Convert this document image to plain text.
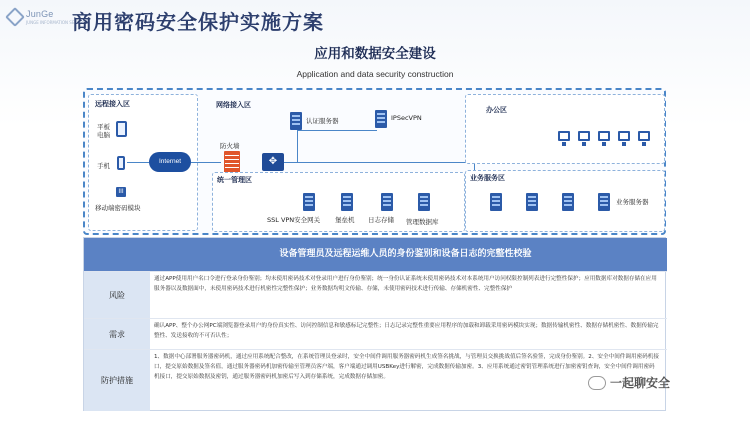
JunGe
JUNGE INFORMATION SECURITY
商用密码安全保护实施方案
应用和数据安全建设
Application and data security construction
远程接入区
平板
电脑
手机
III
移动端密码模块
Internet
网络接入区
认证服务器	IPSecVPN
防火墙
✥
办公区
统一管理区
SSL VPN安全网关 堡垒机 日志存储 管理数据库
业务服务区
业务服务器
设备管理员及远程运维人员的身份鉴别和设备日志的完整性校验
风险
通过APP使用用户名口令进行登录身份鉴别；均未使用密码技术对登录用户进行身份鉴别；统一身份认证系统未使用密码技术对本系统用户访问权限控制列表进行完整性保护；应用数据库对数据存储在应用服务器以及数据面中，未使用密码技术进行机密性完整性保护；业务数据均明文传输、存储，未使用密码技术进行传输、存储机密性、完整性保护
需求
确认APP、整个办公网PC端浏览器登录用户的身份真实性、访问控制信息和敏感标记完整性；日志记录完整性重要应用程序的加载和卸载采用密码模块实现；数据传输机密性、数据存储机密性、数据传输完整性、发送接收的不可否认性；
防护措施
1、数据中心部署服务器密码机，通过应用系统配合整改，在系统管理员登录时，安全中间件调用服务器密码机生成签名挑战，与管理员交换挑战值后签名验签，完成身份鉴别。2、安全中间件调用密码机接口，提交原始数据及签名值，通过服务器密码机加密传输至管理员客户端，客户端通过调用USBKey进行解密，完成数据传输加密。3、应用系统通过密钥管理系统进行加密密钥查询，安全中间件调用密码机接口，提交原始数据及密钥，通过服务器密码机加密后写入到存储系统，完成数据存储加密。	一起聊安全
